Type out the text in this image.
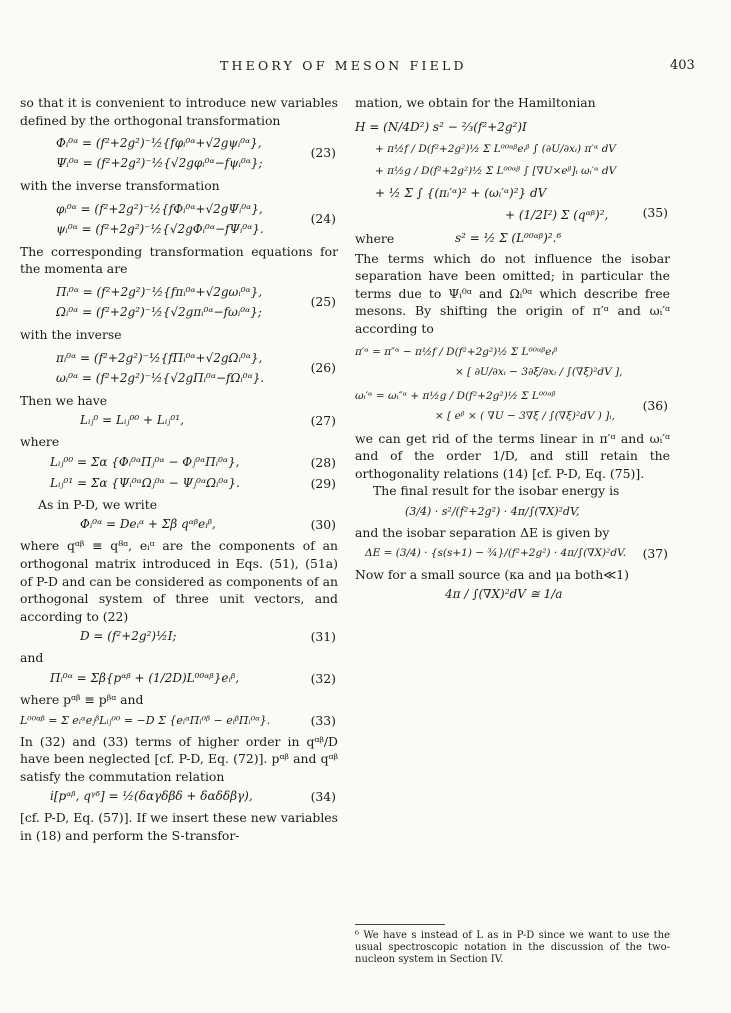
THEORY OF MESON FIELD	403

so that it is convenient to introduce new variables defined by the orthogonal transformation

Φᵢ⁰ᵅ = (f²+2g²)⁻½{fφᵢ⁰ᵅ+√2gψᵢ⁰ᵅ},
Ψᵢ⁰ᵅ = (f²+2g²)⁻½{√2gφᵢ⁰ᵅ−fψᵢ⁰ᵅ};
(23)

with the inverse transformation

φᵢ⁰ᵅ = (f²+2g²)⁻½{fΦᵢ⁰ᵅ+√2gΨᵢ⁰ᵅ},
ψᵢ⁰ᵅ = (f²+2g²)⁻½{√2gΦᵢ⁰ᵅ−fΨᵢ⁰ᵅ}.
(24)

The corresponding transformation equations for the momenta are

Πᵢ⁰ᵅ = (f²+2g²)⁻½{fπᵢ⁰ᵅ+√2gωᵢ⁰ᵅ},
Ωᵢ⁰ᵅ = (f²+2g²)⁻½{√2gπᵢ⁰ᵅ−fωᵢ⁰ᵅ};
(25)

with the inverse

πᵢ⁰ᵅ = (f²+2g²)⁻½{fΠᵢ⁰ᵅ+√2gΩᵢ⁰ᵅ},
ωᵢ⁰ᵅ = (f²+2g²)⁻½{√2gΠᵢ⁰ᵅ−fΩᵢ⁰ᵅ}.
(26)

Then we have

Lᵢⱼ⁰ = Lᵢⱼ⁰⁰ + Lᵢⱼ⁰¹,	(27)

where

Lᵢⱼ⁰⁰ = Σα {Φᵢ⁰ᵅΠⱼ⁰ᵅ − Φⱼ⁰ᵅΠᵢ⁰ᵅ},	(28)
Lᵢⱼ⁰¹ = Σα {Ψᵢ⁰ᵅΩⱼ⁰ᵅ − Ψⱼ⁰ᵅΩᵢ⁰ᵅ}.	(29)

As in P-D, we write

Φᵢ⁰ᵅ = Deᵢᵅ + Σβ qᵅᵝeᵢᵝ,	(30)

where qᵅᵝ ≡ q⁸ᵅ, eᵢᵅ are the components of an orthogonal matrix introduced in Eqs. (51), (51a) of P-D and can be considered as components of an orthogonal system of three unit vectors, and according to (22)

D = (f²+2g²)½I;	(31)

and

Πᵢ⁰ᵅ = Σβ{pᵅᵝ + (1/2D)L⁰⁰ᵅᵝ}eᵢᵝ,	(32)

where pᵅᵝ ≡ pᵝᵅ and

L⁰⁰ᵅᵝ = Σ eᵢᵅeⱼᵝLᵢⱼ⁰⁰ = −D Σ {eᵢᵅΠᵢ⁰ᵝ − eᵢᵝΠᵢ⁰ᵅ}.	(33)

In (32) and (33) terms of higher order in qᵅᵝ/D have been neglected [cf. P-D, Eq. (72)]. pᵅᵝ and qᵅᵝ satisfy the commutation relation

i[pᵅᵝ, qᵞᵟ] = ½(δαγδβδ + δαδδβγ),	(34)

[cf. P-D, Eq. (57)]. If we insert these new variables in (18) and perform the S-transfor-

mation, we obtain for the Hamiltonian

H = (N/4D²) s² − ⅔(f²+2g²)I
+ π½f / D(f²+2g²)½ Σ L⁰⁰ᵅᵝeᵢᵝ ∫ (∂U/∂xᵢ) π′ᵅ dV
+ π½g / D(f²+2g²)½ Σ L⁰⁰ᵅᵝ ∫ [∇U×eᵝ]ᵢ ωᵢ′ᵅ dV
+ ½ Σ ∫ {(πᵢ′ᵅ)² + (ωᵢ′ᵅ)²} dV
+ (1/2I²) Σ (qᵅᵝ)²,	(35)
where	s² = ½ Σ (L⁰⁰ᵅᵝ)².⁶

The terms which do not influence the isobar separation have been omitted; in particular the terms due to Ψᵢ⁰ᵅ and Ωᵢ⁰ᵅ which describe free mesons. By shifting the origin of π′ᵅ and ωᵢ′ᵅ according to

π′ᵅ = π″ᵅ − π½f / D(f²+2g²)½ Σ L⁰⁰ᵅᵝeᵢᵝ
× [ ∂U/∂xᵢ − 3∂ξ/∂xᵢ / ∫(∇ξ)²dV ],
ωᵢ′ᵅ = ωᵢ″ᵅ + π½g / D(f²+2g²)½ Σ L⁰⁰ᵅᵝ
× [ eᵝ × ( ∇U − 3∇ξ / ∫(∇ξ)²dV ) ]ᵢ,
(36)

we can get rid of the terms linear in π′ᵅ and ωᵢ′ᵅ and of the order 1/D, and still retain the orthogonality relations (14) [cf. P-D, Eq. (75)].

The final result for the isobar energy is

(3/4) · s²/(f²+2g²) · 4π/∫(∇X)²dV,

and the isobar separation ΔE is given by

ΔE = (3/4) · {s(s+1) − ¾}/(f²+2g²) · 4π/∫(∇X)²dV.	(37)

Now for a small source (κa and μa both≪1)

4π / ∫(∇X)²dV ≅ 1/a
⁶ We have s instead of L as in P-D since we want to use the usual spectroscopic notation in the discussion of the two-nucleon system in Section IV.
